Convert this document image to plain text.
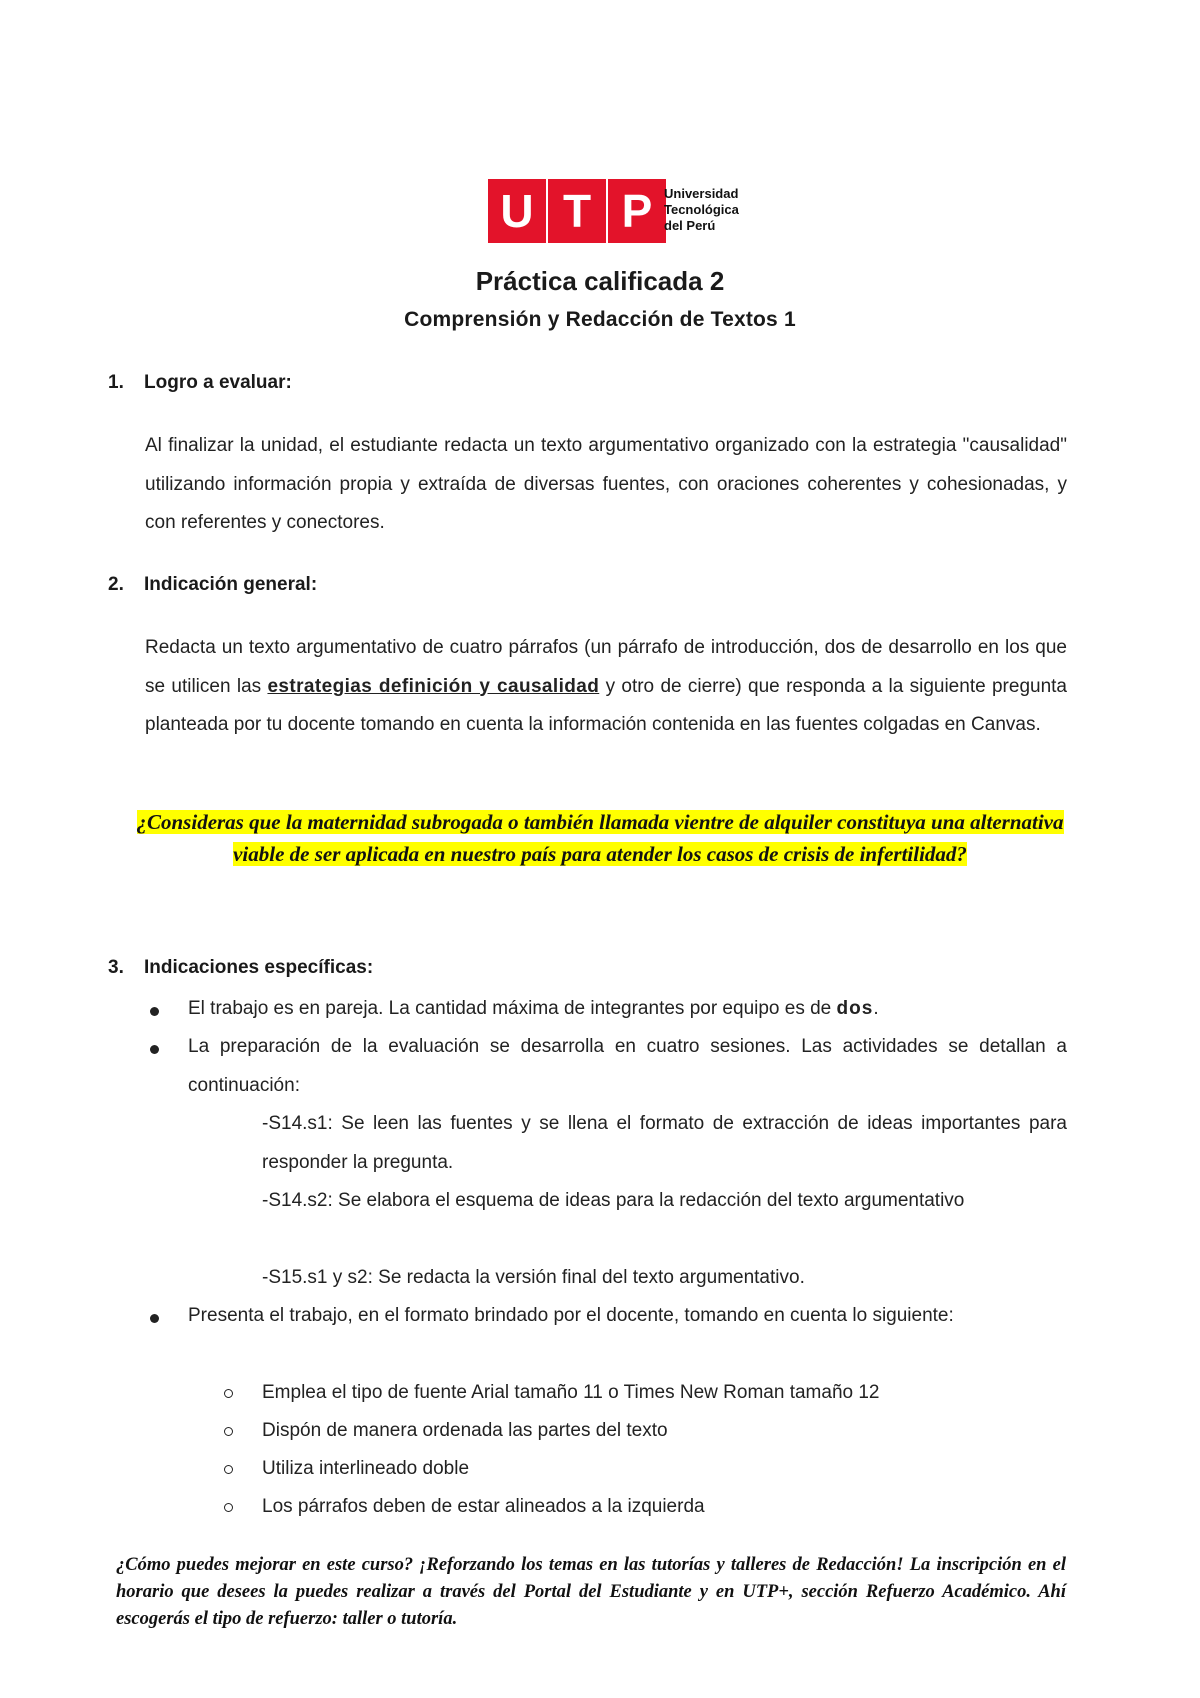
U T P Universidad
Tecnológica
del Perú
Práctica calificada 2
Comprensión y Redacción de Textos 1
1. Logro a evaluar:

Al finalizar la unidad, el estudiante redacta un texto argumentativo organizado con la estrategia "causalidad" utilizando información propia y extraída de diversas fuentes, con oraciones coherentes y cohesionadas, y con referentes y conectores.

2. Indicación general:

Redacta un texto argumentativo de cuatro párrafos (un párrafo de introducción, dos de desarrollo en los que se utilicen las estrategias definición y causalidad y otro de cierre) que responda a la siguiente pregunta planteada por tu docente tomando en cuenta la información contenida en las fuentes colgadas en Canvas.

¿Consideras que la maternidad subrogada o también llamada vientre de alquiler constituya una alternativa viable de ser aplicada en nuestro país para atender los casos de crisis de infertilidad?

3. Indicaciones específicas:
El trabajo es en pareja. La cantidad máxima de integrantes por equipo es de dos.
La preparación de la evaluación se desarrolla en cuatro sesiones. Las actividades se detallan a continuación:

-S14.s1: Se leen las fuentes y se llena el formato de extracción de ideas importantes para responder la pregunta.

-S14.s2: Se elabora el esquema de ideas para la redacción del texto argumentativo

-S15.s1 y s2: Se redacta la versión final del texto argumentativo.

Presenta el trabajo, en el formato brindado por el docente, tomando en cuenta lo siguiente:
Emplea el tipo de fuente Arial tamaño 11 o Times New Roman tamaño 12
Dispón de manera ordenada las partes del texto
Utiliza interlineado doble
Los párrafos deben de estar alineados a la izquierda

¿Cómo puedes mejorar en este curso? ¡Reforzando los temas en las tutorías y talleres de Redacción! La inscripción en el horario que desees la puedes realizar a través del Portal del Estudiante y en UTP+, sección Refuerzo Académico. Ahí escogerás el tipo de refuerzo: taller o tutoría.
